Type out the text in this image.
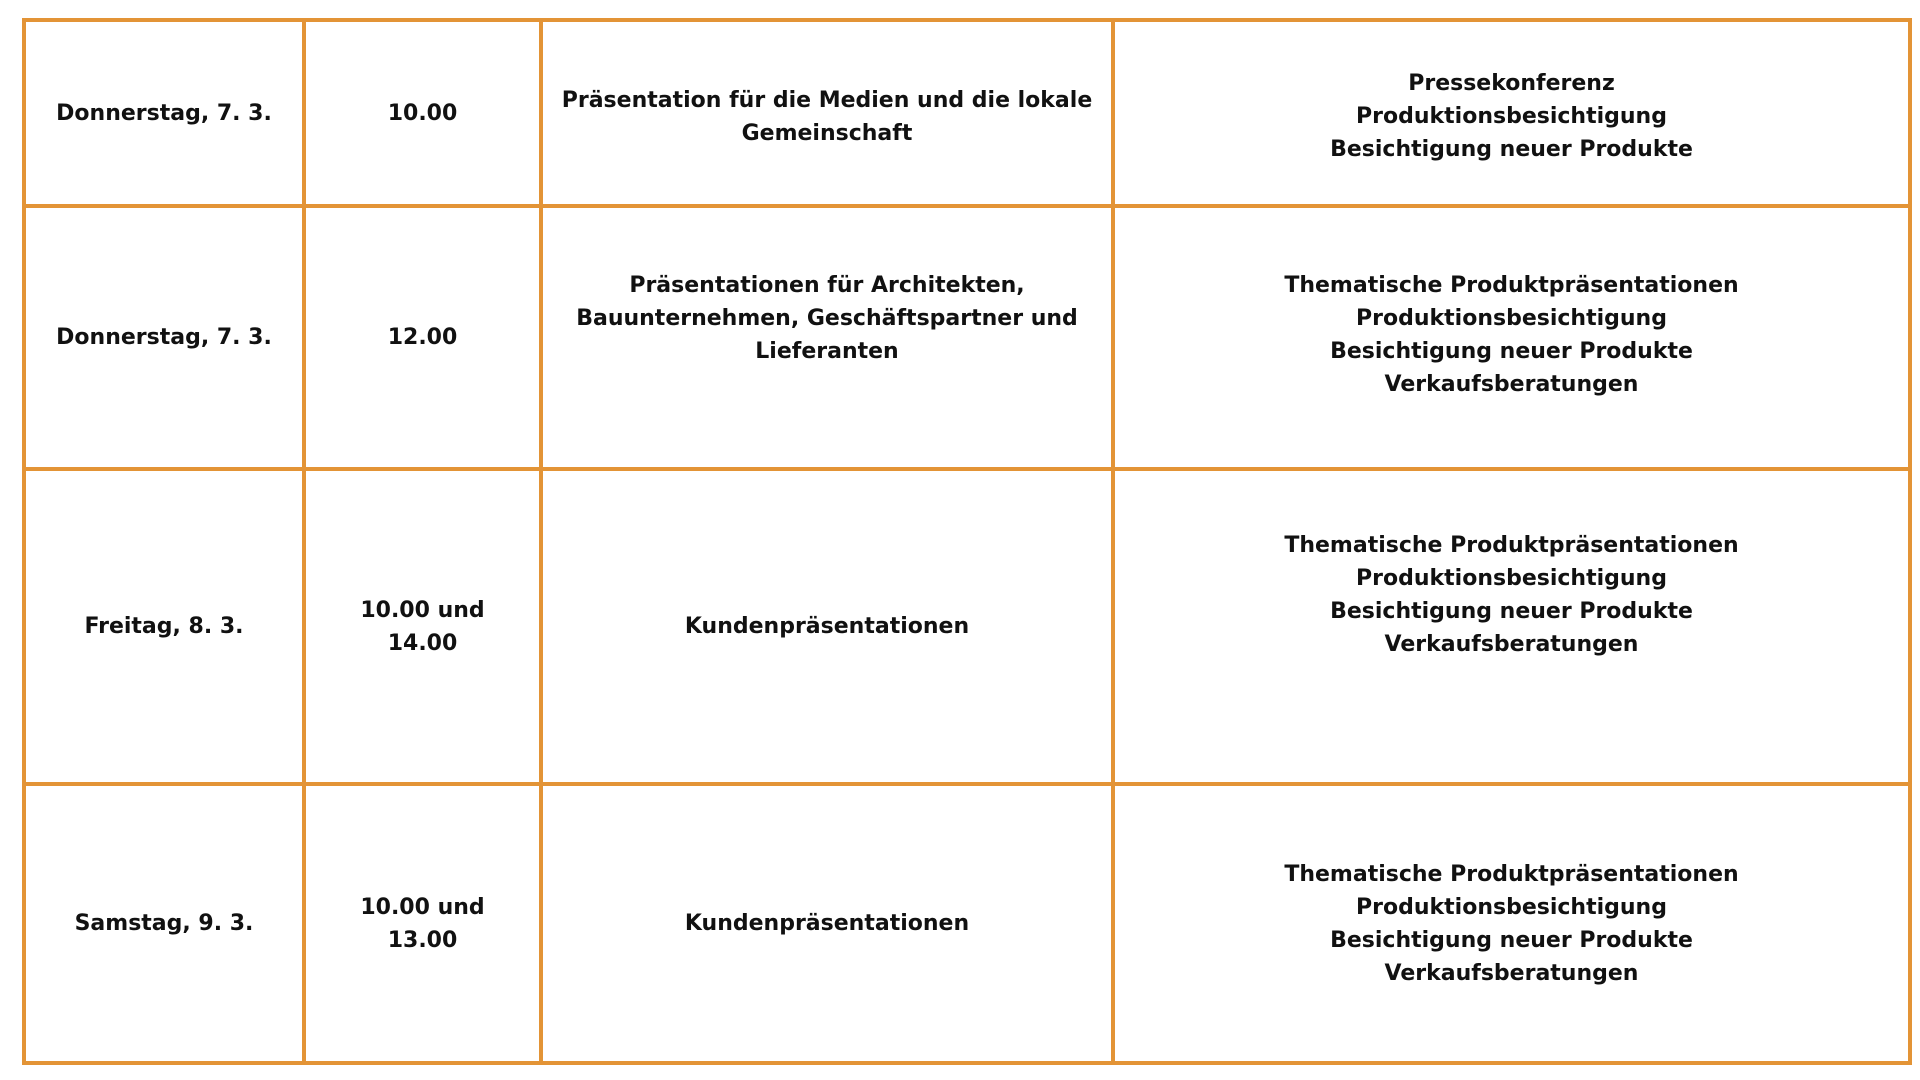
Donnerstag, 7. 3.	10.00	Präsentation für die Medien und die lokale Gemeinschaft	Pressekonferenz
Produktionsbesichtigung
Besichtigung neuer Produkte

Donnerstag, 7. 3.	12.00	Präsentationen für Architekten, Bauunternehmen, Geschäftspartner und Lieferanten	Thematische Produktpräsentationen
Produktionsbesichtigung
Besichtigung neuer Produkte
Verkaufsberatungen

Freitag, 8. 3.	10.00 und 14.00	Kundenpräsentationen	Thematische Produktpräsentationen
Produktionsbesichtigung
Besichtigung neuer Produkte
Verkaufsberatungen

Samstag, 9. 3.	10.00 und 13.00	Kundenpräsentationen	Thematische Produktpräsentationen
Produktionsbesichtigung
Besichtigung neuer Produkte
Verkaufsberatungen
